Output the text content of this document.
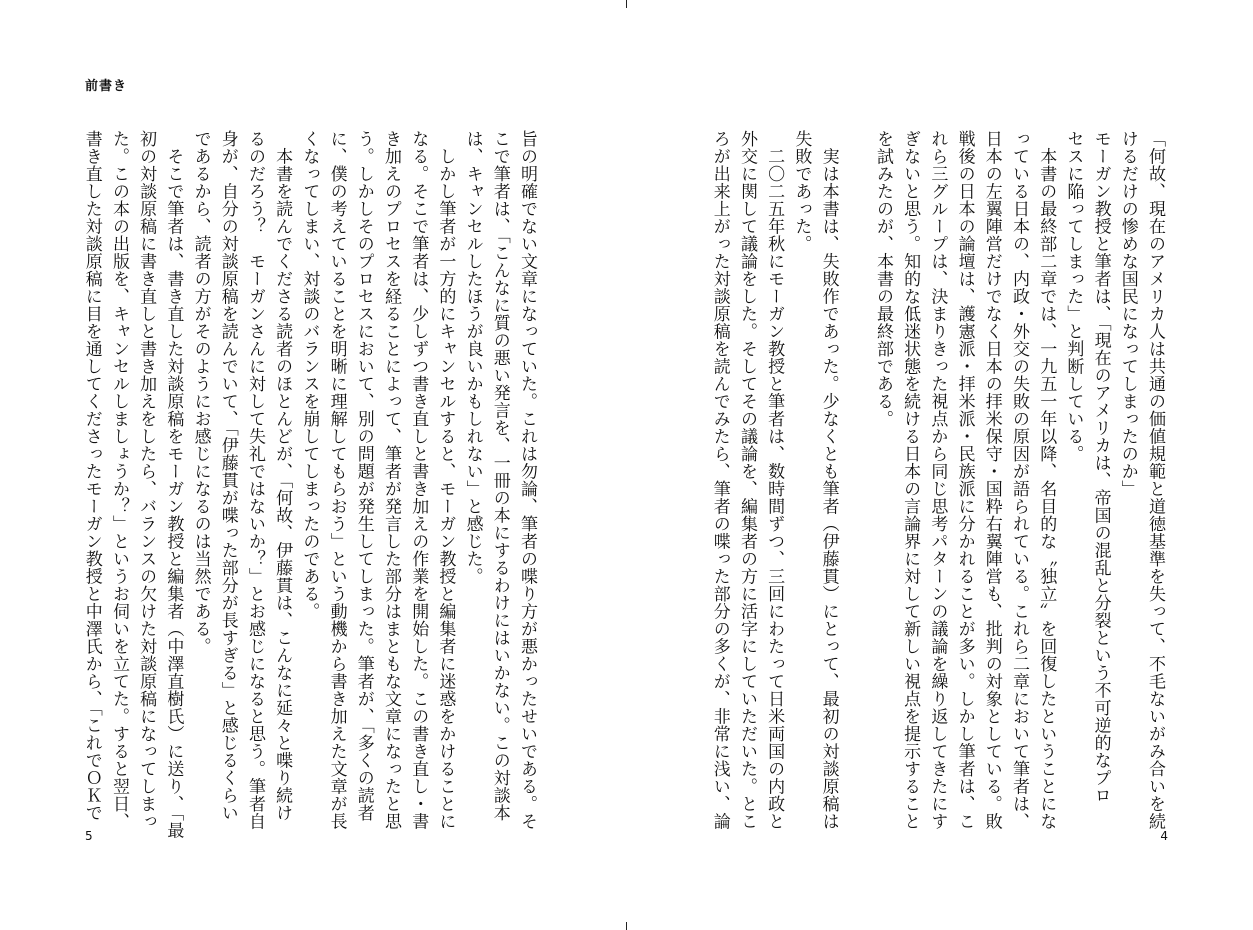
前書き
旨の明確でない文章になっていた。これは勿論、筆者の喋り方が悪かったせいである。そ
こで筆者は、「こんなに質の悪い発言を、一冊の本にするわけにはいかない。この対談本
は、キャンセルしたほうが良いかもしれない」と感じた。
　しかし筆者が一方的にキャンセルすると、モーガン教授と編集者に迷惑をかけることに
なる。そこで筆者は、少しずつ書き直しと書き加えの作業を開始した。この書き直し・書
き加えのプロセスを経ることによって、筆者が発言した部分はまともな文章になったと思
う。しかしそのプロセスにおいて、別の問題が発生してしまった。筆者が、「多くの読者
に、僕の考えていることを明晰に理解してもらおう」という動機から書き加えた文章が長
くなってしまい、対談のバランスを崩してしまったのである。
　本書を読んでくださる読者のほとんどが、「何故、伊藤貫は、こんなに延々と喋り続け
るのだろう？　モーガンさんに対して失礼ではないか？」とお感じになると思う。筆者自
身が、自分の対談原稿を読んでいて、「伊藤貫が喋った部分が長すぎる」と感じるくらい
であるから、読者の方がそのようにお感じになるのは当然である。
　そこで筆者は、書き直した対談原稿をモーガン教授と編集者（中澤直樹氏）に送り、「最
初の対談原稿に書き直しと書き加えをしたら、バランスの欠けた対談原稿になってしまっ
た。この本の出版を、キャンセルしましょうか？」というお伺いを立てた。すると翌日、
書き直した対談原稿に目を通してくださったモーガン教授と中澤氏から、「これでＯＫで
5
「何故、現在のアメリカ人は共通の価値規範と道徳基準を失って、不毛ないがみ合いを続
けるだけの惨めな国民になってしまったのか」
モーガン教授と筆者は、「現在のアメリカは、帝国の混乱と分裂という不可逆的なプロ
セスに陥ってしまった」と判断している。
　本書の最終部二章では、一九五一年以降、名目的な〝独立〟を回復したということにな
っている日本の、内政・外交の失敗の原因が語られている。これら二章において筆者は、
日本の左翼陣営だけでなく日本の拝米保守・国粋右翼陣営も、批判の対象としている。敗
戦後の日本の論壇は、護憲派・拝米派・民族派に分かれることが多い。しかし筆者は、こ
れら三グループは、決まりきった視点から同じ思考パターンの議論を繰り返してきたにす
ぎないと思う。知的な低迷状態を続ける日本の言論界に対して新しい視点を提示すること
を試みたのが、本書の最終部である。
　実は本書は、失敗作であった。少なくとも筆者（伊藤貫）にとって、最初の対談原稿は
失敗であった。
　二〇二五年秋にモーガン教授と筆者は、数時間ずつ、三回にわたって日米両国の内政と
外交に関して議論をした。そしてその議論を、編集者の方に活字にしていただいた。とこ
ろが出来上がった対談原稿を読んでみたら、筆者の喋った部分の多くが、非常に浅い、論
4
